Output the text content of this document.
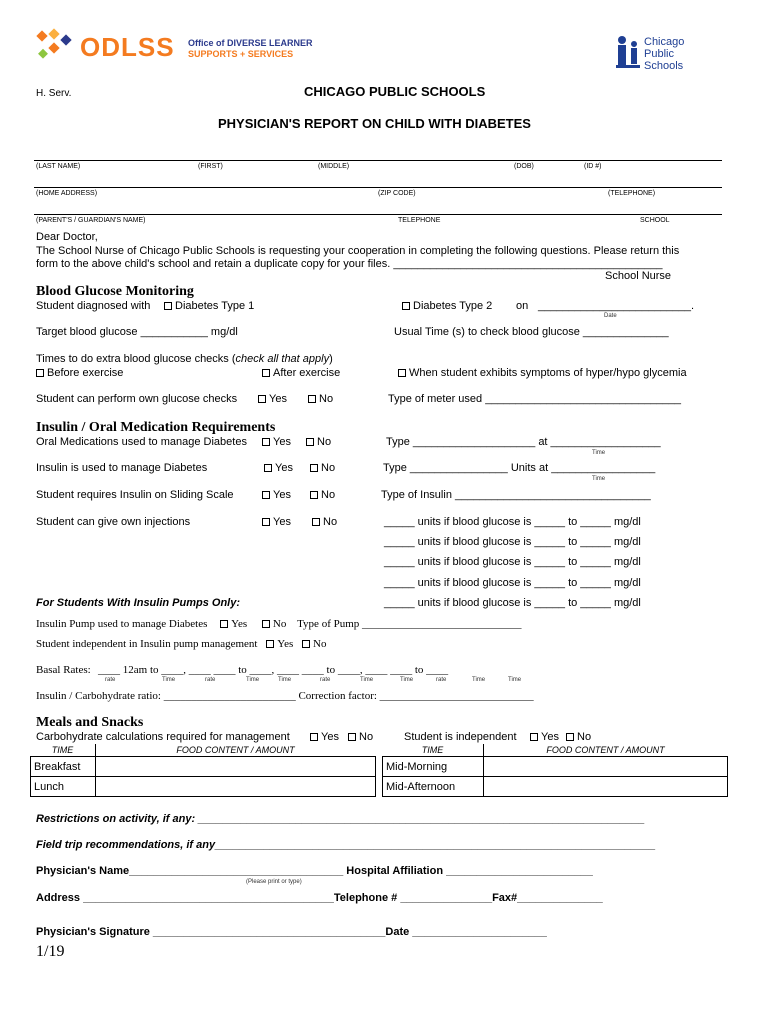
ODLSS Office of DIVERSE LEARNER
SUPPORTS + SERVICES
Chicago
Public
Schools
H. Serv.	CHICAGO PUBLIC SCHOOLS
PHYSICIAN'S REPORT ON CHILD WITH DIABETES
(LAST NAME)	(FIRST)	(MIDDLE)	(DOB)	(ID #)
(HOME ADDRESS)	(ZIP CODE)	(TELEPHONE)
(PARENT'S / GUARDIAN'S NAME)	TELEPHONE	SCHOOL
Dear Doctor,
The School Nurse of Chicago Public Schools is requesting your cooperation in completing the following questions. Please return this
form to the above child's school and retain a duplicate copy for your files. ____________________________________________
School Nurse
Blood Glucose Monitoring
Student diagnosed with	Diabetes Type 1	Diabetes Type 2 on _________________________.
Date
Target blood glucose ___________ mg/dl	Usual Time (s) to check blood glucose ______________
Times to do extra blood glucose checks (check all that apply)
Before exercise	After exercise	When student exhibits symptoms of hyper/hypo glycemia
Student can perform own glucose checks	Yes	No	Type of meter used ________________________________
Insulin / Oral Medication Requirements
Oral Medications used to manage Diabetes	Yes	No	Type ____________________ at __________________
Time
Insulin is used to manage Diabetes	Yes	No	Type ________________ Units at _________________
Time
Student requires Insulin on Sliding Scale	Yes	No	Type of Insulin ________________________________
Student can give own injections	Yes	No	_____ units if blood glucose is _____ to _____ mg/dl
_____ units if blood glucose is _____ to _____ mg/dl
_____ units if blood glucose is _____ to _____ mg/dl
_____ units if blood glucose is _____ to _____ mg/dl
_____ units if blood glucose is _____ to _____ mg/dl
For Students With Insulin Pumps Only:
Insulin Pump used to manage Diabetes Yes No Type of Pump _____________________________
Student independent in Insulin pump management Yes No
Basal Rates: ____ 12am to ____, ____ ____ to ____, ____ ____ to ____, ____ ____ to ____
rate	Time	rate	Time	Time	rate	Time	Time	rate	Time	Time
Insulin / Carbohydrate ratio: ________________________ Correction factor: ____________________________
Meals and Snacks
Carbohydrate calculations required for management	Yes	No	Student is independent	Yes	No
TIME	FOOD CONTENT / AMOUNT
Breakfast	
Lunch	
TIME	FOOD CONTENT / AMOUNT
Mid-Morning	
Mid-Afternoon	
Restrictions on activity, if any: _________________________________________________________________________
Field trip recommendations, if any________________________________________________________________________
Physician's Name___________________________________ Hospital Affiliation ________________________
(Please print or type)
Address _________________________________________Telephone # _______________Fax#______________
Physician's Signature ______________________________________Date ______________________
1/19
